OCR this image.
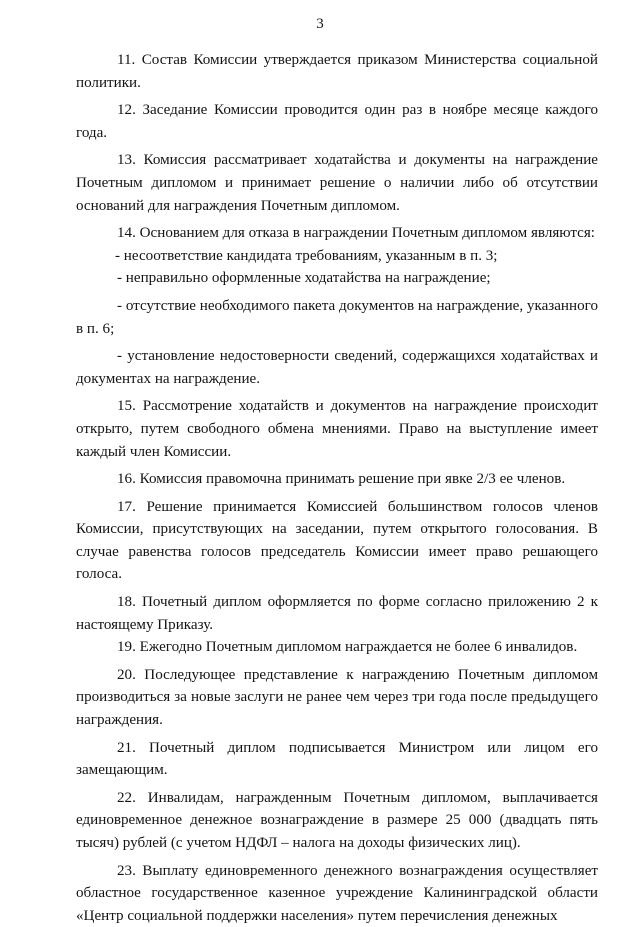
3

11. Состав Комиссии утверждается приказом Министерства социальной политики.

12. Заседание Комиссии проводится один раз в ноябре месяце каждого года.

13. Комиссия рассматривает ходатайства и документы на награждение Почетным дипломом и принимает решение о наличии либо об отсутствии оснований для награждения Почетным дипломом.

14. Основанием для отказа в награждении Почетным дипломом являются:

- несоответствие кандидата требованиям, указанным в п. 3;

- неправильно оформленные ходатайства на награждение;

- отсутствие необходимого пакета документов на награждение, указанного в п. 6;

- установление недостоверности сведений, содержащихся ходатайствах и документах на награждение.

15. Рассмотрение ходатайств и документов на награждение происходит открыто, путем свободного обмена мнениями. Право на выступление имеет каждый член Комиссии.

16. Комиссия правомочна принимать решение при явке 2/3 ее членов.

17. Решение принимается Комиссией большинством голосов членов Комиссии, присутствующих на заседании, путем открытого голосования. В случае равенства голосов председатель Комиссии имеет право решающего голоса.

18. Почетный диплом оформляется по форме согласно приложению 2 к настоящему Приказу.

19. Ежегодно Почетным дипломом награждается не более 6 инвалидов.

20. Последующее представление к награждению Почетным дипломом производиться за новые заслуги не ранее чем через три года после предыдущего награждения.

21. Почетный диплом подписывается Министром или лицом его замещающим.

22. Инвалидам, награжденным Почетным дипломом, выплачивается единовременное денежное вознаграждение в размере 25 000 (двадцать пять тысяч) рублей (с учетом НДФЛ – налога на доходы физических лиц).

23. Выплату единовременного денежного вознаграждения осуществляет областное государственное казенное учреждение Калининградской области «Центр социальной поддержки населения» путем перечисления денежных
